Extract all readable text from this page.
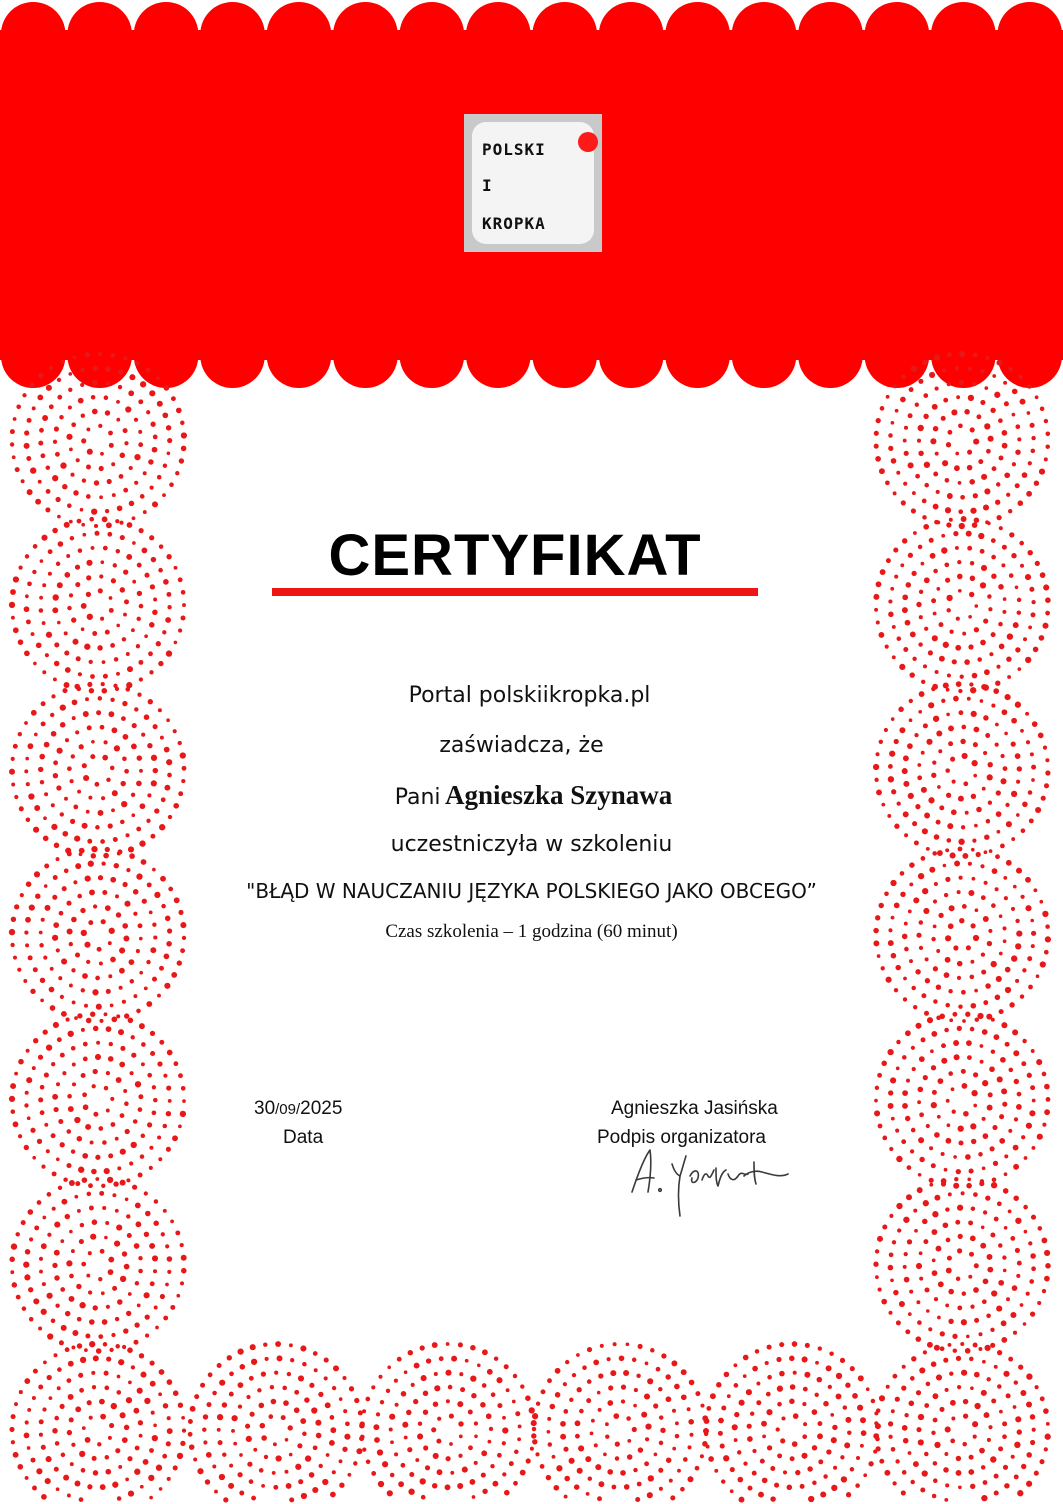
POLSKI
I
KROPKA
CERTYFIKAT
Portal polskiikropka.pl
zaświadcza, że
Pani Agnieszka Szynawa
uczestniczyła w szkoleniu
"BŁĄD W NAUCZANIU JĘZYKA POLSKIEGO JAKO OBCEGO”
Czas szkolenia – 1 godzina (60 minut)
30/09/2025
Data
Agnieszka Jasińska
Podpis organizatora
